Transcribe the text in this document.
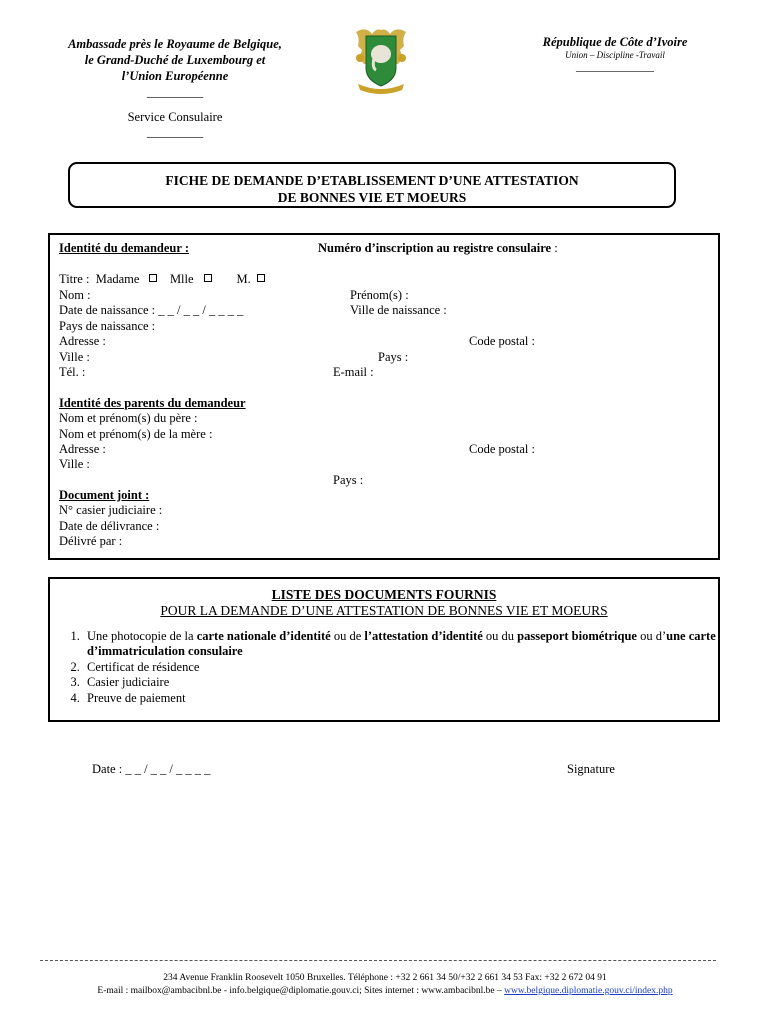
Ambassade près le Royaume de Belgique,
le Grand-Duché de Luxembourg et
l’Union Européenne
_________
Service Consulaire
_________
République de Côte d’Ivoire
Union – Discipline -Travail
_____________
FICHE DE DEMANDE D’ETABLISSEMENT D’UNE ATTESTATION
DE BONNES VIE ET MOEURS
Identité du demandeur :	Numéro d’inscription au registre consulaire :
Titre : Madame Mlle	M.
Nom :	Prénom(s) :
Date de naissance : _ _ / _ _ / _ _ _ _	Ville de naissance :
Pays de naissance :
Adresse :	Code postal :
Ville :	Pays :
Tél. :	E-mail :
Identité des parents du demandeur
Nom et prénom(s) du père :
Nom et prénom(s) de la mère :
Adresse :	Code postal :
Ville :
Pays :
Document joint :
N° casier judiciaire :
Date de délivrance :
Délivré par :
LISTE DES DOCUMENTS FOURNIS
POUR LA DEMANDE D’UNE ATTESTATION DE BONNES VIE ET MOEURS
1. Une photocopie de la carte nationale d’identité ou de l’attestation d’identité ou du passeport biométrique ou d’une carte d’immatriculation consulaire
2. Certificat de résidence
3. Casier judiciaire
4. Preuve de paiement
Date : _ _ / _ _ / _ _ _ _	Signature
234 Avenue Franklin Roosevelt 1050 Bruxelles. Téléphone : +32 2 661 34 50/+32 2 661 34 53 Fax: +32 2 672 04 91
E-mail : mailbox@ambacibnl.be - info.belgique@diplomatie.gouv.ci; Sites internet : www.ambacibnl.be – www.belgique.diplomatie.gouv.ci/index.php
